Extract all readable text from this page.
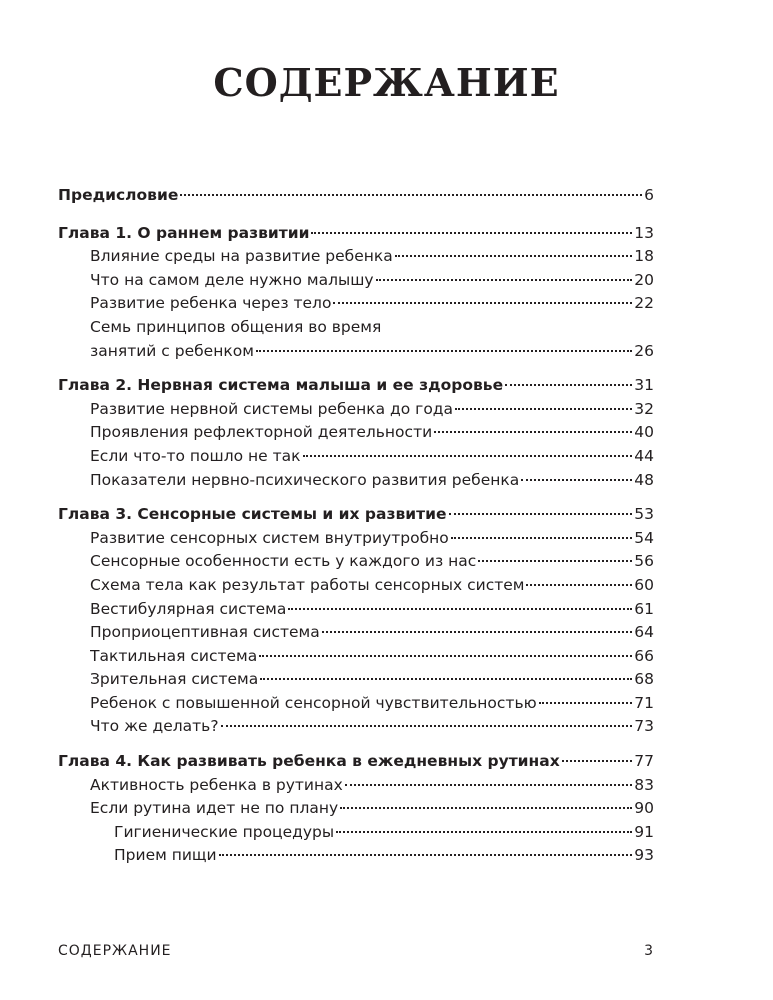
СОДЕРЖАНИЕ
Предисловие	6
Глава 1. О раннем развитии	13
Влияние среды на развитие ребенка	18
Что на самом деле нужно малышу	20
Развитие ребенка через тело	22
Семь принципов общения во время
занятий с ребенком	26
Глава 2. Нервная система малыша и ее здоровье	31
Развитие нервной системы ребенка до года	32
Проявления рефлекторной деятельности	40
Если что-то пошло не так	44
Показатели нервно-психического развития ребенка	48
Глава 3. Сенсорные системы и их развитие	53
Развитие сенсорных систем внутриутробно	54
Сенсорные особенности есть у каждого из нас	56
Схема тела как результат работы сенсорных систем	60
Вестибулярная система	61
Проприоцептивная система	64
Тактильная система	66
Зрительная система	68
Ребенок с повышенной сенсорной чувствительностью	71
Что же делать?	73
Глава 4. Как развивать ребенка в ежедневных рутинах	77
Активность ребенка в рутинах	83
Если рутина идет не по плану	90
Гигиенические процедуры	91
Прием пищи	93
СОДЕРЖАНИЕ	3
